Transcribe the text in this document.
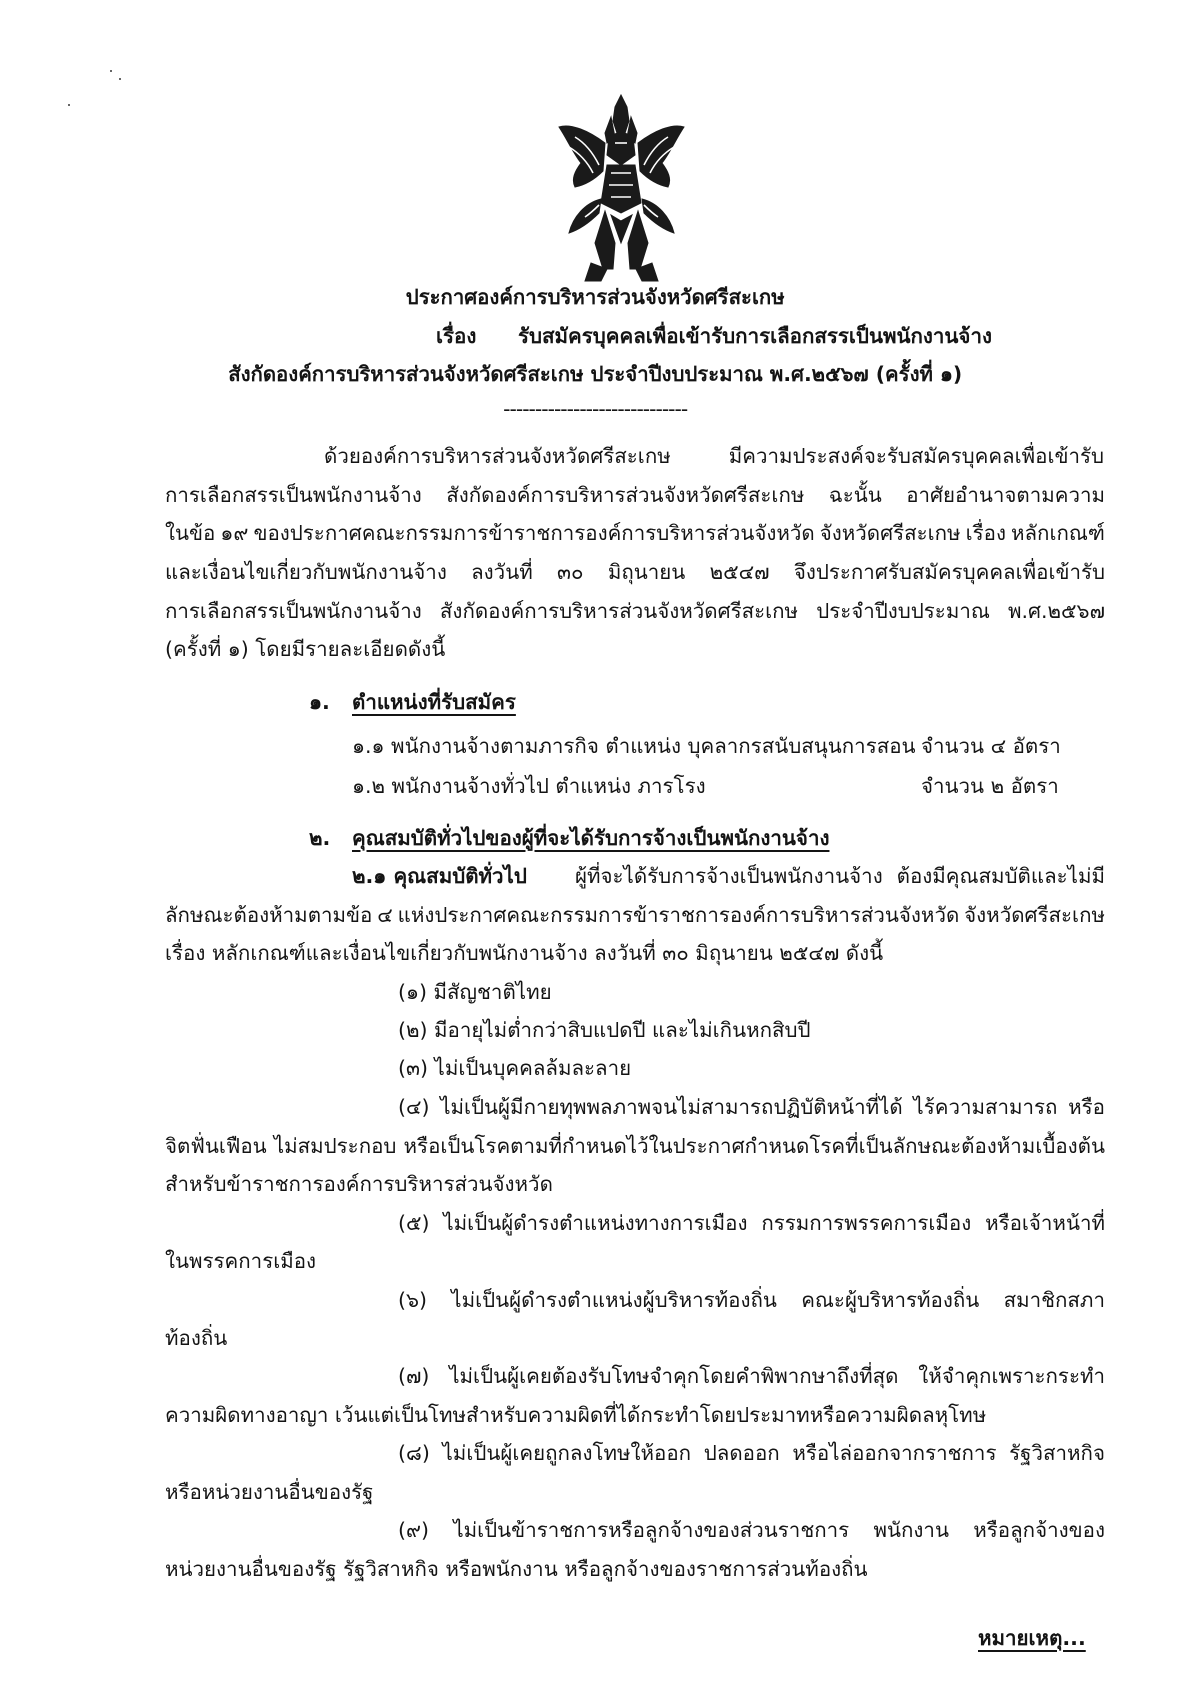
ประกาศองค์การบริหารส่วนจังหวัดศรีสะเกษ
เรื่อง รับสมัครบุคคลเพื่อเข้ารับการเลือกสรรเป็นพนักงานจ้าง
สังกัดองค์การบริหารส่วนจังหวัดศรีสะเกษ ประจำปีงบประมาณ พ.ศ.๒๕๖๗ (ครั้งที่ ๑)
-----------------------------
ด้วยองค์การบริหารส่วนจังหวัดศรีสะเกษ	มีความประสงค์จะรับสมัครบุคคลเพื่อเข้ารับ
การเลือกสรรเป็นพนักงานจ้าง สังกัดองค์การบริหารส่วนจังหวัดศรีสะเกษ ฉะนั้น อาศัยอำนาจตามความ
ในข้อ ๑๙ ของประกาศคณะกรรมการข้าราชการองค์การบริหารส่วนจังหวัด จังหวัดศรีสะเกษ เรื่อง หลักเกณฑ์
และเงื่อนไขเกี่ยวกับพนักงานจ้าง ลงวันที่ ๓๐ มิถุนายน ๒๕๔๗ จึงประกาศรับสมัครบุคคลเพื่อเข้ารับ
การเลือกสรรเป็นพนักงานจ้าง สังกัดองค์การบริหารส่วนจังหวัดศรีสะเกษ ประจำปีงบประมาณ พ.ศ.๒๕๖๗
(ครั้งที่ ๑) โดยมีรายละเอียดดังนี้
๑. ตำแหน่งที่รับสมัคร
๑.๑ พนักงานจ้างตามภารกิจ ตำแหน่ง บุคลากรสนับสนุนการสอน จำนวน ๔ อัตรา
๑.๒ พนักงานจ้างทั่วไป ตำแหน่ง ภารโรง	จำนวน ๒ อัตรา
๒. คุณสมบัติทั่วไปของผู้ที่จะได้รับการจ้างเป็นพนักงานจ้าง
๒.๑ คุณสมบัติทั่วไป ผู้ที่จะได้รับการจ้างเป็นพนักงานจ้าง ต้องมีคุณสมบัติและไม่มี
ลักษณะต้องห้ามตามข้อ ๔ แห่งประกาศคณะกรรมการข้าราชการองค์การบริหารส่วนจังหวัด จังหวัดศรีสะเกษ
เรื่อง หลักเกณฑ์และเงื่อนไขเกี่ยวกับพนักงานจ้าง ลงวันที่ ๓๐ มิถุนายน ๒๕๔๗ ดังนี้
(๑) มีสัญชาติไทย
(๒) มีอายุไม่ต่ำกว่าสิบแปดปี และไม่เกินหกสิบปี
(๓) ไม่เป็นบุคคลล้มละลาย
(๔) ไม่เป็นผู้มีกายทุพพลภาพจนไม่สามารถปฏิบัติหน้าที่ได้ ไร้ความสามารถ หรือ
จิตฟั่นเฟือน ไม่สมประกอบ หรือเป็นโรคตามที่กำหนดไว้ในประกาศกำหนดโรคที่เป็นลักษณะต้องห้ามเบื้องต้น
สำหรับข้าราชการองค์การบริหารส่วนจังหวัด
(๕) ไม่เป็นผู้ดำรงตำแหน่งทางการเมือง กรรมการพรรคการเมือง หรือเจ้าหน้าที่
ในพรรคการเมือง
(๖) ไม่เป็นผู้ดำรงตำแหน่งผู้บริหารท้องถิ่น คณะผู้บริหารท้องถิ่น สมาชิกสภา
ท้องถิ่น
(๗) ไม่เป็นผู้เคยต้องรับโทษจำคุกโดยคำพิพากษาถึงที่สุด ให้จำคุกเพราะกระทำ
ความผิดทางอาญา เว้นแต่เป็นโทษสำหรับความผิดที่ได้กระทำโดยประมาทหรือความผิดลหุโทษ
(๘) ไม่เป็นผู้เคยถูกลงโทษให้ออก ปลดออก หรือไล่ออกจากราชการ รัฐวิสาหกิจ
หรือหน่วยงานอื่นของรัฐ
(๙) ไม่เป็นข้าราชการหรือลูกจ้างของส่วนราชการ พนักงาน หรือลูกจ้างของ
หน่วยงานอื่นของรัฐ รัฐวิสาหกิจ หรือพนักงาน หรือลูกจ้างของราชการส่วนท้องถิ่น
หมายเหตุ...
